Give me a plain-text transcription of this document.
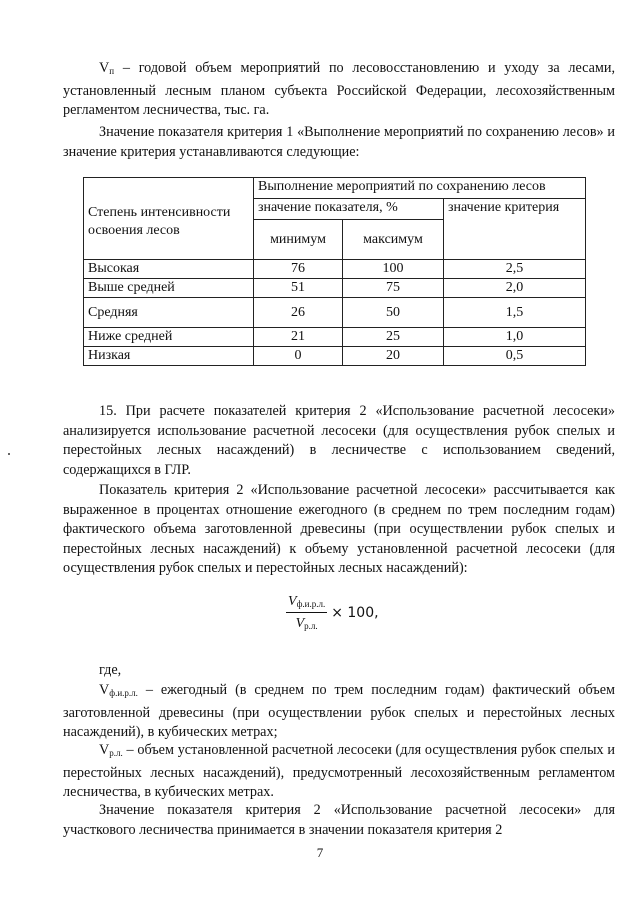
$V_п$ – годовой объем мероприятий по лесовосстановлению и уходу за лесами, установленный лесным планом субъекта Российской Федерации, лесохозяйственным регламентом лесничества, тыс. га.

Значение показателя критерия 1 «Выполнение мероприятий по сохранению лесов» и значение критерия устанавливаются следующие:

Степень интенсивности освоения лесов	Выполнение мероприятий по сохранению лесов		
	значение показателя, %		значение критерия
	минимум	максимум	
Высокая	76	100	2,5
Выше средней	51	75	2,0
Средняя	26	50	1,5
Ниже средней	21	25	1,0
Низкая	0	20	0,5

15. При расчете показателей критерия 2 «Использование расчетной лесосеки» анализируется использование расчетной лесосеки (для осуществления рубок спелых и перестойных лесных насаждений) в лесничестве с использованием сведений, содержащихся в ГЛР.

Показатель критерия 2 «Использование расчетной лесосеки» рассчитывается как выраженное в процентах отношение ежегодного (в среднем по трем последним годам) фактического объема заготовленной древесины (при осуществлении рубок спелых и перестойных лесных насаждений) к объему установленной расчетной лесосеки (для осуществления рубок спелых и перестойных лесных насаждений):

$\frac{Vф.и.р.л.}{Vр.л.} \times 100$,

где,

$V_{ф.и.р.л.}$ – ежегодный (в среднем по трем последним годам) фактический объем заготовленной древесины (при осуществлении рубок спелых и перестойных лесных насаждений), в кубических метрах;

$V_{р.л.}$ – объем установленной расчетной лесосеки (для осуществления рубок спелых и перестойных лесных насаждений), предусмотренный лесохозяйственным регламентом лесничества, в кубических метрах.

Значение показателя критерия 2 «Использование расчетной лесосеки» для участкового лесничества принимается в значении показателя критерия 2

7
